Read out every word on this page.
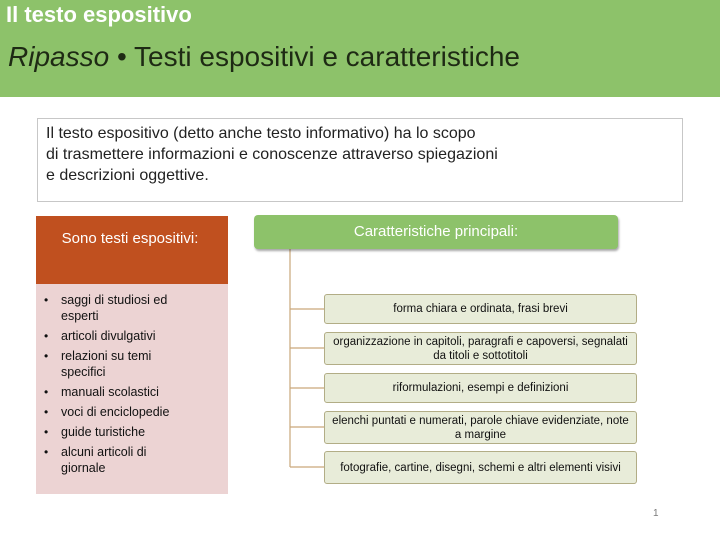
Il testo espositivo
Ripasso • Testi espositivi e caratteristiche

Il testo espositivo (detto anche testo informativo) ha lo scopo

di trasmettere informazioni e conoscenze attraverso spiegazioni

e descrizioni oggettive.

Sono testi espositivi:
• saggi di studiosi ed esperti
• articoli divulgativi
• relazioni su temi specifici
• manuali scolastici
• voci di enciclopedie
• guide turistiche
• alcuni articoli di giornale
Caratteristiche principali:
forma chiara e ordinata, frasi brevi
organizzazione in capitoli, paragrafi e capoversi, segnalati da titoli e sottotitoli
riformulazioni, esempi e definizioni
elenchi puntati e numerati, parole chiave evidenziate, note a margine
fotografie, cartine, disegni, schemi e altri elementi visivi
1
